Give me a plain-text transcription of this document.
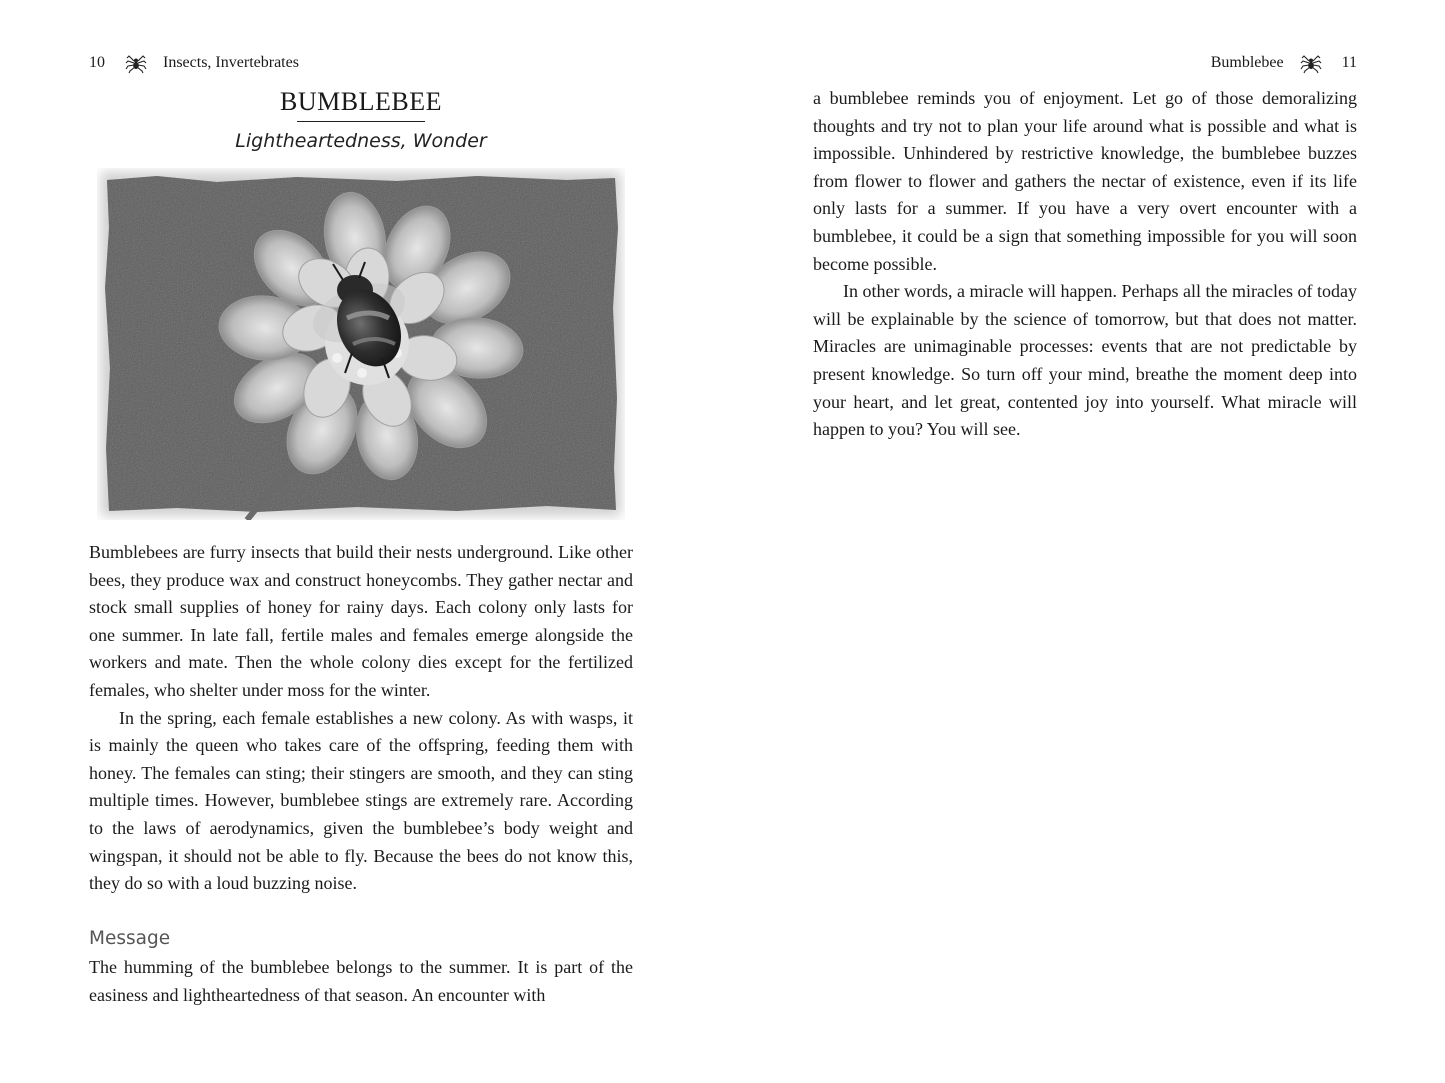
10	Insects, Invertebrates
BUMBLEBEE
Lightheartedness, Wonder

Bumblebees are furry insects that build their nests underground. Like other bees, they produce wax and construct honeycombs. They gather nectar and stock small supplies of honey for rainy days. Each colony only lasts for one summer. In late fall, fertile males and females emerge alongside the workers and mate. Then the whole colony dies except for the fertilized females, who shelter under moss for the winter.

In the spring, each female establishes a new colony. As with wasps, it is mainly the queen who takes care of the offspring, feeding them with honey. The females can sting; their stingers are smooth, and they can sting multiple times. However, bumblebee stings are extremely rare. According to the laws of aerodynamics, given the bumblebee’s body weight and wingspan, it should not be able to fly. Because the bees do not know this, they do so with a loud buzzing noise.

Message

The humming of the bumblebee belongs to the summer. It is part of the easiness and lightheartedness of that season. An encounter with

Bumblebee	11

a bumblebee reminds you of enjoyment. Let go of those demoralizing thoughts and try not to plan your life around what is possible and what is impossible. Unhindered by restrictive knowledge, the bumblebee buzzes from flower to flower and gathers the nectar of existence, even if its life only lasts for a summer. If you have a very overt encounter with a bumblebee, it could be a sign that something impossible for you will soon become possible.

In other words, a miracle will happen. Perhaps all the miracles of today will be explainable by the science of tomorrow, but that does not matter. Miracles are unimaginable processes: events that are not predictable by present knowledge. So turn off your mind, breathe the moment deep into your heart, and let great, contented joy into yourself. What miracle will happen to you? You will see.
